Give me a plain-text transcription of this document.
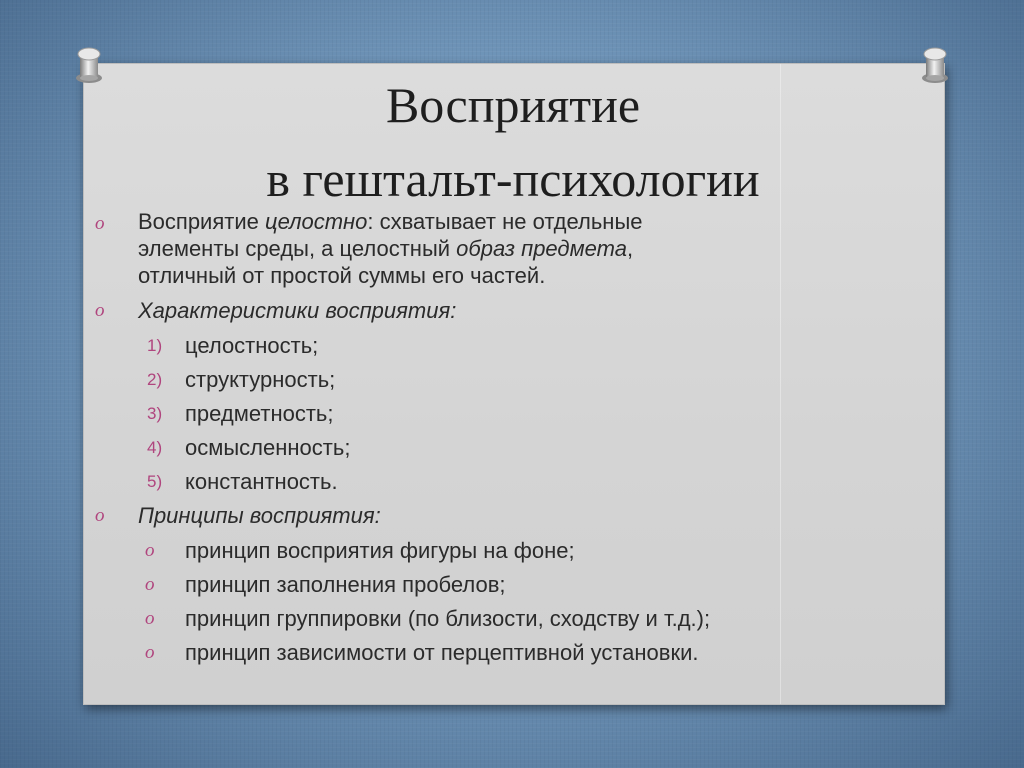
Восприятие
в гештальт-психологии
o Восприятие целостно: схватывает не отдельные
элементы среды, а целостный образ предмета,
отличный от простой суммы его частей.
o Характеристики восприятия:
1) целостность;
2) структурность;
3) предметность;
4) осмысленность;
5) константность.
o Принципы восприятия:
o принцип восприятия фигуры на фоне;
o принцип заполнения пробелов;
o принцип группировки (по близости, сходству и т.д.);
o принцип зависимости от перцептивной установки.
